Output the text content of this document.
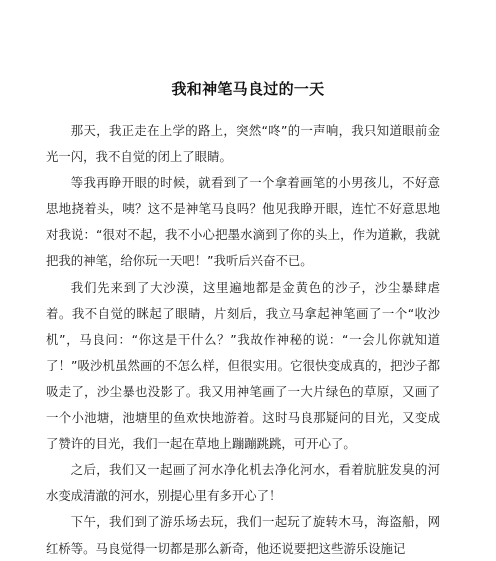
我和神笔马良过的一天

那天，我正走在上学的路上，突然“咚”的一声响，我只知道眼前金光一闪，我不自觉的闭上了眼睛。

等我再睁开眼的时候，就看到了一个拿着画笔的小男孩儿，不好意思地挠着头，咦？这不是神笔马良吗？他见我睁开眼，连忙不好意思地对我说：“很对不起，我不小心把墨水滴到了你的头上，作为道歉，我就把我的神笔，给你玩一天吧！”我听后兴奋不已。

我们先来到了大沙漠，这里遍地都是金黄色的沙子，沙尘暴肆虐着。我不自觉的眯起了眼睛，片刻后，我立马拿起神笔画了一个“收沙机”，马良问：“你这是干什么？”我故作神秘的说：“一会儿你就知道了！”吸沙机虽然画的不怎么样，但很实用。它很快变成真的，把沙子都吸走了，沙尘暴也没影了。我又用神笔画了一大片绿色的草原，又画了一个小池塘，池塘里的鱼欢快地游着。这时马良那疑问的目光，又变成了赞许的目光，我们一起在草地上蹦蹦跳跳，可开心了。

之后，我们又一起画了河水净化机去净化河水，看着肮脏发臭的河水变成清澈的河水，别提心里有多开心了！

下午，我们到了游乐场去玩，我们一起玩了旋转木马，海盗船，网红桥等。马良觉得一切都是那么新奇，他还说要把这些游乐设施记
